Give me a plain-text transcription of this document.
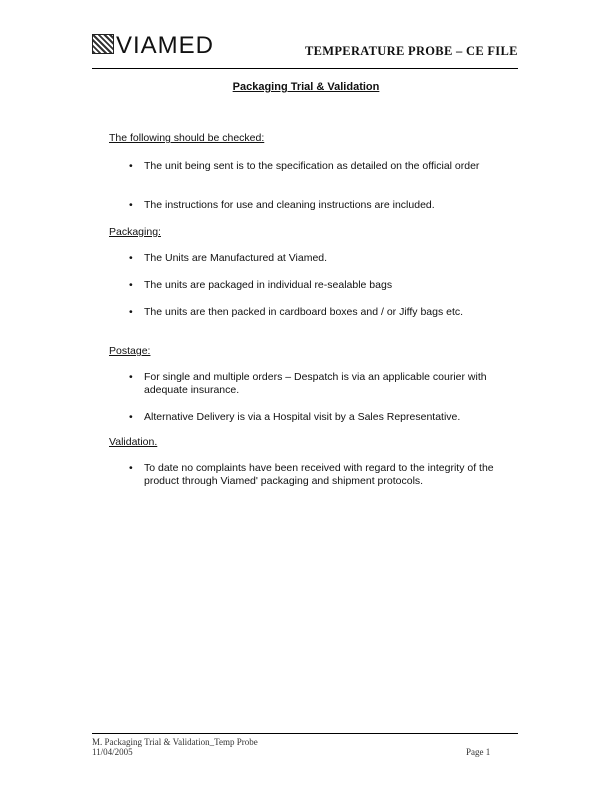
VIAMED	TEMPERATURE PROBE – CE FILE
Packaging Trial & Validation
The following should be checked:
• The unit being sent is to the specification as detailed on the official order
• The instructions for use and cleaning instructions are included.
Packaging:
• The Units are Manufactured at Viamed.
• The units are packaged in individual re-sealable bags
• The units are then packed in cardboard boxes and / or Jiffy bags etc.
Postage:
• For single and multiple orders – Despatch is via an applicable courier with adequate insurance.
• Alternative Delivery is via a Hospital visit by a Sales Representative.
Validation.
• To date no complaints have been received with regard to the integrity of the product through Viamed' packaging and shipment protocols.
M. Packaging Trial & Validation_Temp Probe
11/04/2005	Page 1
